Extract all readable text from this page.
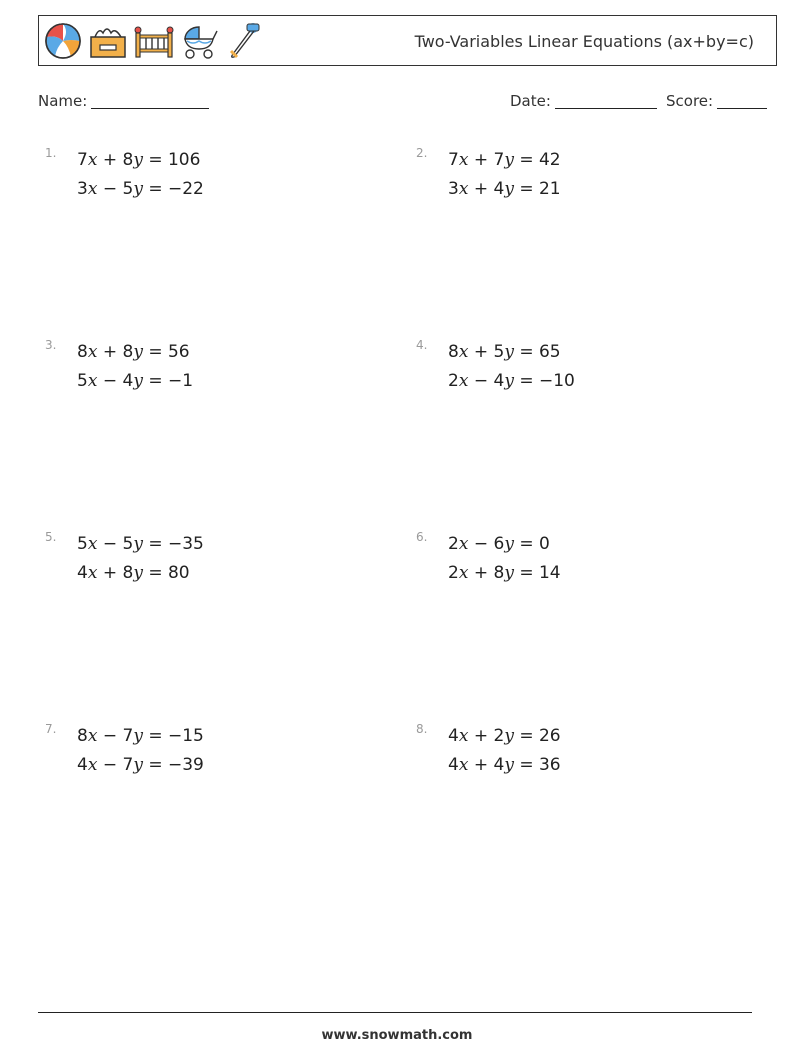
Two-Variables Linear Equations (ax+by=c)
Name:	Date:	Score:
1. 7x + 8y = 106
3x − 5y = −22
2. 7x + 7y = 42
3x + 4y = 21
3. 8x + 8y = 56
5x − 4y = −1
4. 8x + 5y = 65
2x − 4y = −10
5. 5x − 5y = −35
4x + 8y = 80
6. 2x − 6y = 0
2x + 8y = 14
7. 8x − 7y = −15
4x − 7y = −39
8. 4x + 2y = 26
4x + 4y = 36
www.snowmath.com
